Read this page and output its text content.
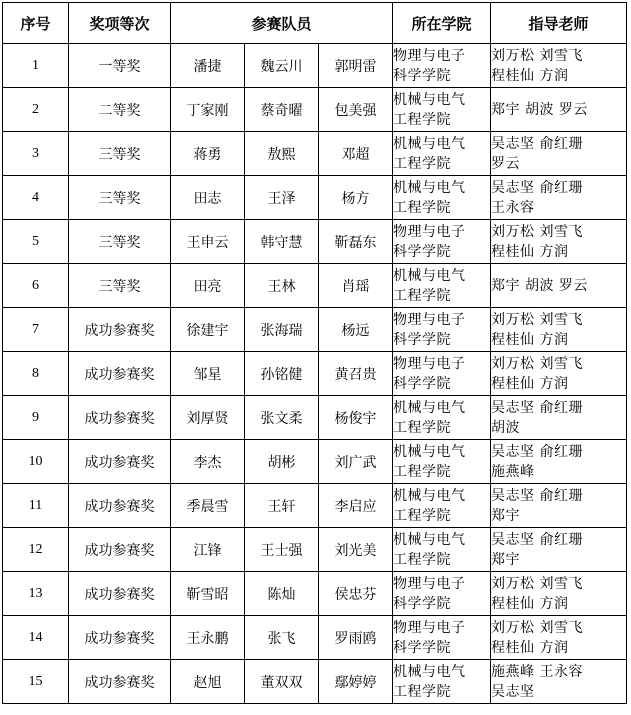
序号	奖项等次	参赛队员			所在学院	指导老师
1	一等奖	潘捷	魏云川	郭明雷	物理与电子
科学学院	刘万松 刘雪飞
程桂仙 方润

2	二等奖	丁家刚	蔡奇曜	包美强	机械与电气
工程学院	郑宇 胡波 罗云

3	三等奖	蒋勇	敖熙	邓超	机械与电气
工程学院	吴志坚 俞红珊
罗云

4	三等奖	田志	王泽	杨方	机械与电气
工程学院	吴志坚 俞红珊
王永容

5	三等奖	王申云	韩守慧	靳磊东	物理与电子
科学学院	刘万松 刘雪飞
程桂仙 方润

6	三等奖	田亮	王林	肖瑶	机械与电气
工程学院	郑宇 胡波 罗云

7	成功参赛奖	徐建宇	张海瑞	杨远	物理与电子
科学学院	刘万松 刘雪飞
程桂仙 方润

8	成功参赛奖	邹星	孙铭健	黄召贵	物理与电子
科学学院	刘万松 刘雪飞
程桂仙 方润

9	成功参赛奖	刘厚贤	张文柔	杨俊宇	机械与电气
工程学院	吴志坚 俞红珊
胡波

10	成功参赛奖	李杰	胡彬	刘广武	机械与电气
工程学院	吴志坚 俞红珊
施燕峰

11	成功参赛奖	季晨雪	王轩	李启应	机械与电气
工程学院	吴志坚 俞红珊
郑宇

12	成功参赛奖	江锋	王士强	刘光美	机械与电气
工程学院	吴志坚 俞红珊
郑宇

13	成功参赛奖	靳雪昭	陈灿	侯忠芬	物理与电子
科学学院	刘万松 刘雪飞
程桂仙 方润

14	成功参赛奖	王永鹏	张飞	罗雨鸥	物理与电子
科学学院	刘万松 刘雪飞
程桂仙 方润

15	成功参赛奖	赵旭	董双双	鄢婷婷	机械与电气
工程学院	施燕峰 王永容
吴志坚
